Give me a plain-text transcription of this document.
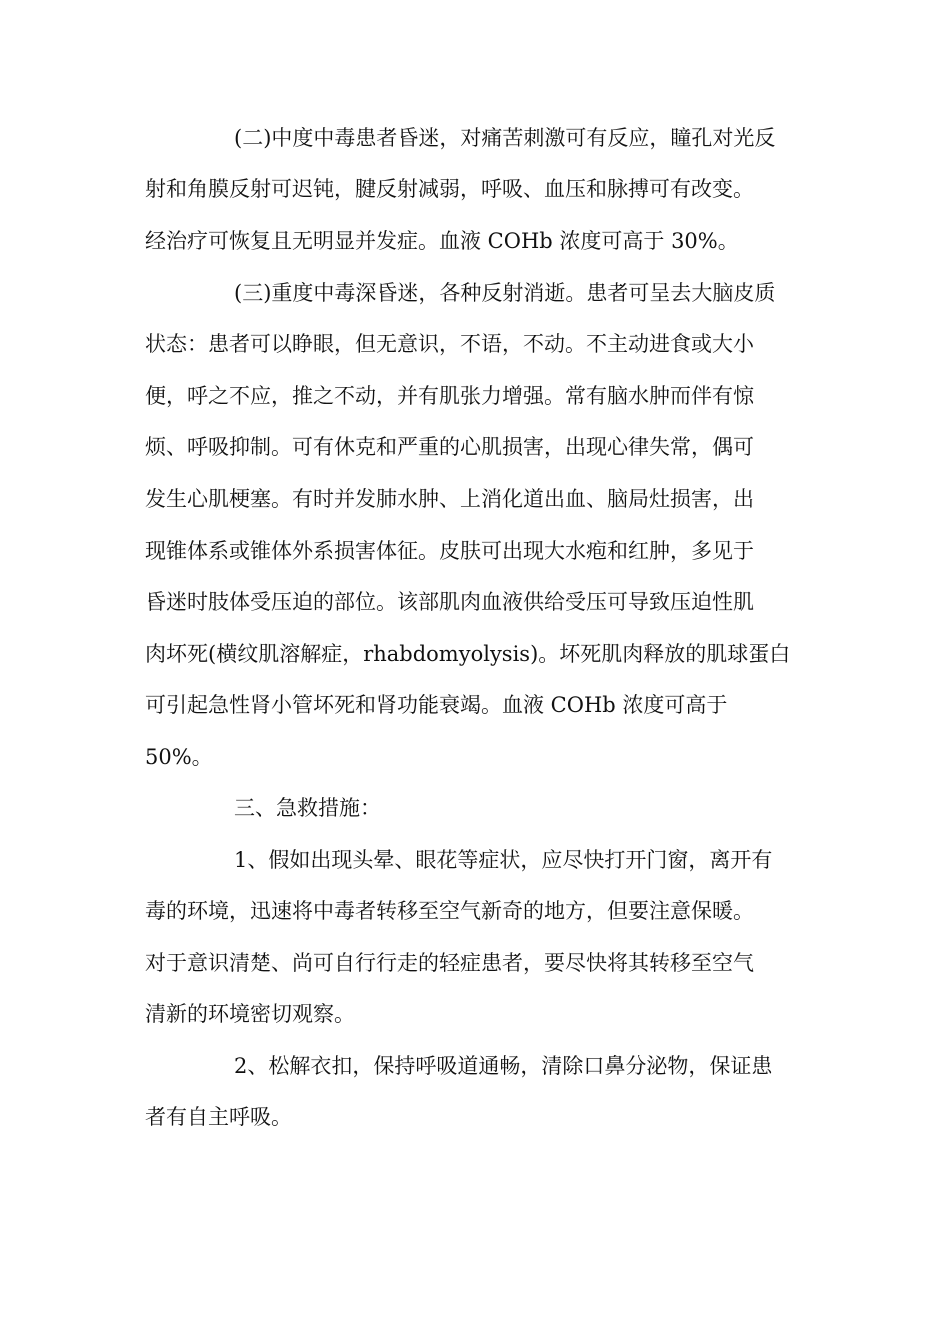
(二)中度中毒患者昏迷，对痛苦刺激可有反应，瞳孔对光反
射和角膜反射可迟钝，腱反射减弱，呼吸、血压和脉搏可有改变。
经治疗可恢复且无明显并发症。血液 COHb 浓度可高于 30%。
(三)重度中毒深昏迷，各种反射消逝。患者可呈去大脑皮质
状态：患者可以睁眼，但无意识，不语，不动。不主动进食或大小
便，呼之不应，推之不动，并有肌张力增强。常有脑水肿而伴有惊
烦、呼吸抑制。可有休克和严重的心肌损害，出现心律失常，偶可
发生心肌梗塞。有时并发肺水肿、上消化道出血、脑局灶损害，出
现锥体系或锥体外系损害体征。皮肤可出现大水疱和红肿，多见于
昏迷时肢体受压迫的部位。该部肌肉血液供给受压可导致压迫性肌
肉坏死(横纹肌溶解症，rhabdomyolysis)。坏死肌肉释放的肌球蛋白
可引起急性肾小管坏死和肾功能衰竭。血液 COHb 浓度可高于
50%。
三、急救措施：
1、假如出现头晕、眼花等症状，应尽快打开门窗，离开有
毒的环境，迅速将中毒者转移至空气新奇的地方，但要注意保暖。
对于意识清楚、尚可自行行走的轻症患者，要尽快将其转移至空气
清新的环境密切观察。
2、松解衣扣，保持呼吸道通畅，清除口鼻分泌物，保证患
者有自主呼吸。
